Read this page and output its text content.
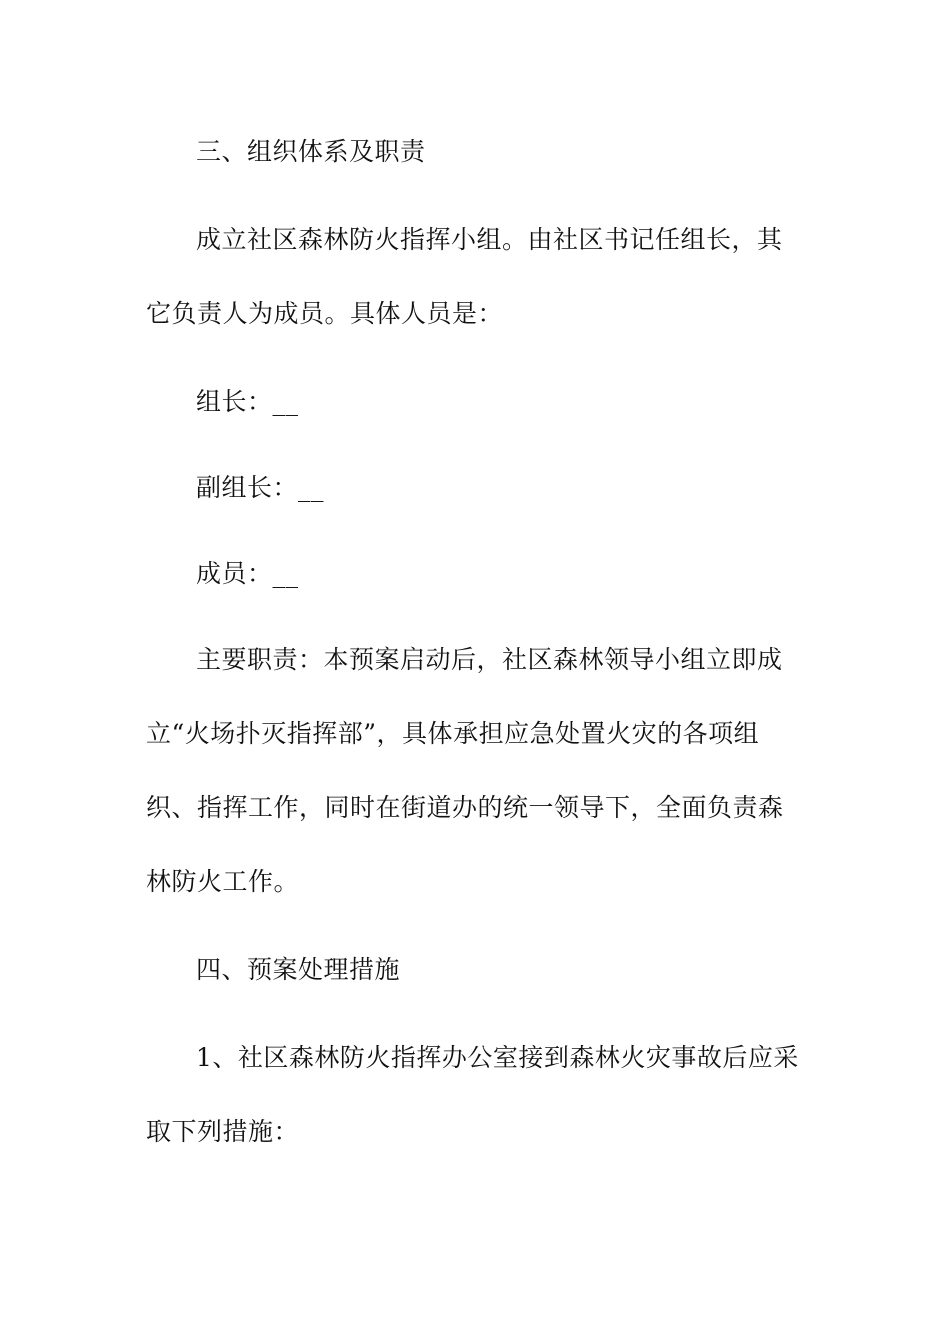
三、组织体系及职责
成立社区森林防火指挥小组。由社区书记任组长，其
它负责人为成员。具体人员是：
组长：__
副组长：__
成员：__
主要职责：本预案启动后，社区森林领导小组立即成
立“火场扑灭指挥部”，具体承担应急处置火灾的各项组
织、指挥工作，同时在街道办的统一领导下，全面负责森
林防火工作。
四、预案处理措施
1、社区森林防火指挥办公室接到森林火灾事故后应采
取下列措施：
